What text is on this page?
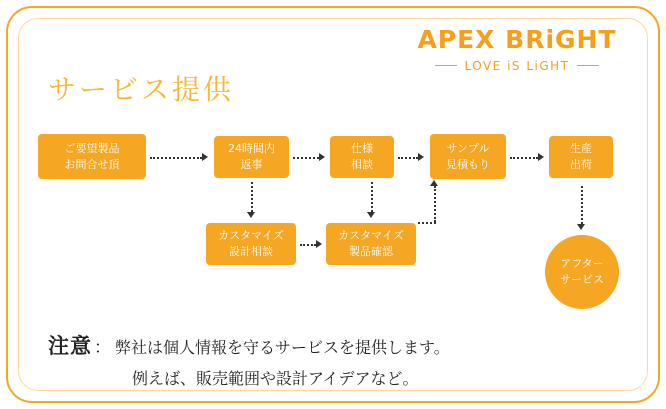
APEX BRiGHT
LOVE iS LiGHT
サービス提供
ご要望製品
お問合せ頂
24時間内
返事
仕様
相談
サンプル
見積もり
生産
出荷
カスタマイズ
設計相談
カスタマイズ
製品確認
アフター
サービス
注意 ： 弊社は個人情報を守るサービスを提供します。
例えば、販売範囲や設計アイデアなど。
